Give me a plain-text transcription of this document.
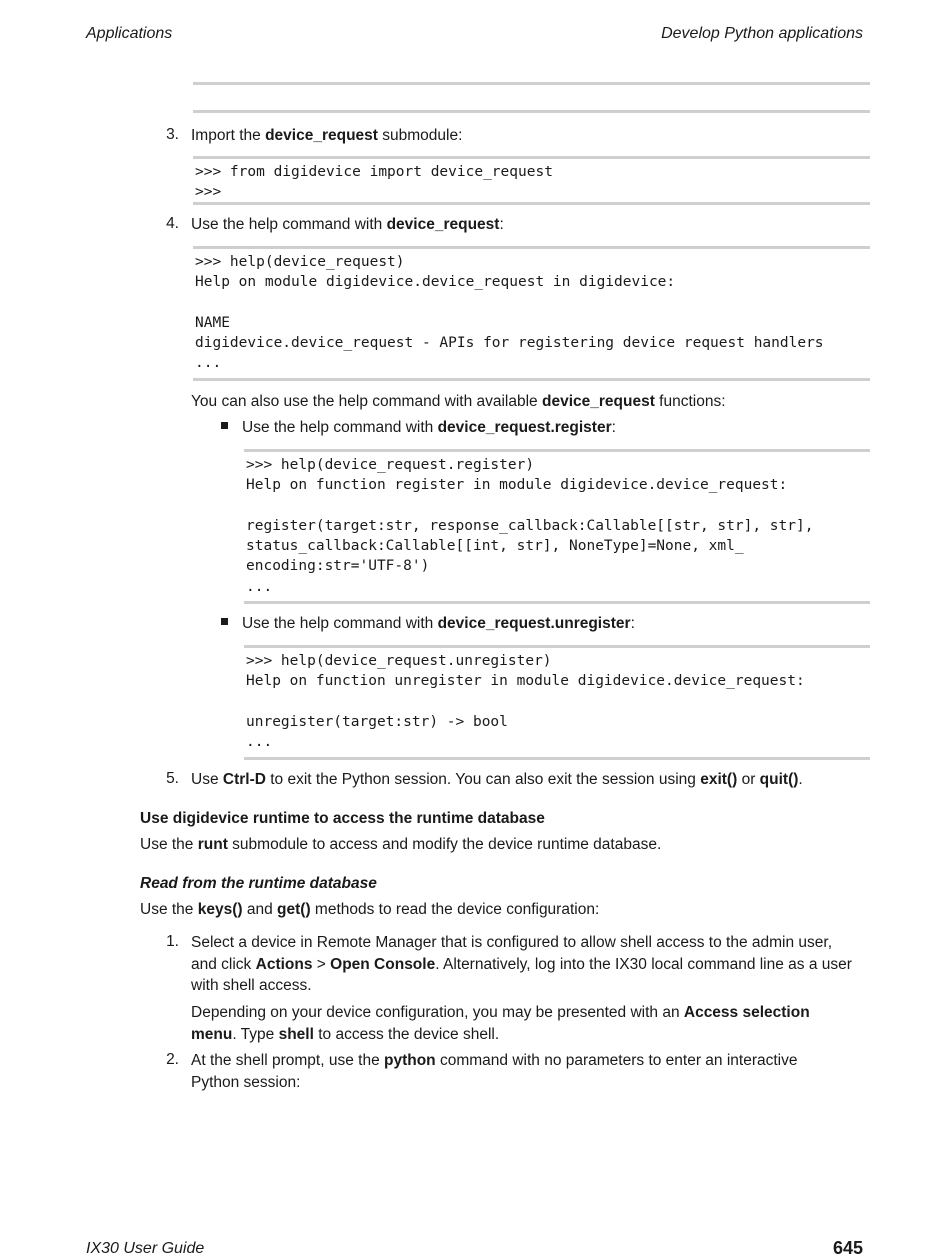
Applications	Develop Python applications
3. Import the device_request submodule:
>>> from digidevice import device_request
>>>
4. Use the help command with device_request:
>>> help(device_request)
Help on module digidevice.device_request in digidevice:
NAME
digidevice.device_request - APIs for registering device request handlers
...
You can also use the help command with available device_request functions:
Use the help command with device_request.register:
>>> help(device_request.register)
Help on function register in module digidevice.device_request:
register(target:str, response_callback:Callable[[str, str], str],
status_callback:Callable[[int, str], NoneType]=None, xml_
encoding:str='UTF-8')
...
Use the help command with device_request.unregister:
>>> help(device_request.unregister)
Help on function unregister in module digidevice.device_request:
unregister(target:str) -> bool
...
5. Use Ctrl-D to exit the Python session. You can also exit the session using exit() or quit().
Use digidevice runtime to access the runtime database
Use the runt submodule to access and modify the device runtime database.
Read from the runtime database
Use the keys() and get() methods to read the device configuration:
1. Select a device in Remote Manager that is configured to allow shell access to the admin user,
and click Actions > Open Console. Alternatively, log into the IX30 local command line as a user
with shell access.
Depending on your device configuration, you may be presented with an Access selection
menu. Type shell to access the device shell.
2. At the shell prompt, use the python command with no parameters to enter an interactive
Python session:
IX30 User Guide	645
